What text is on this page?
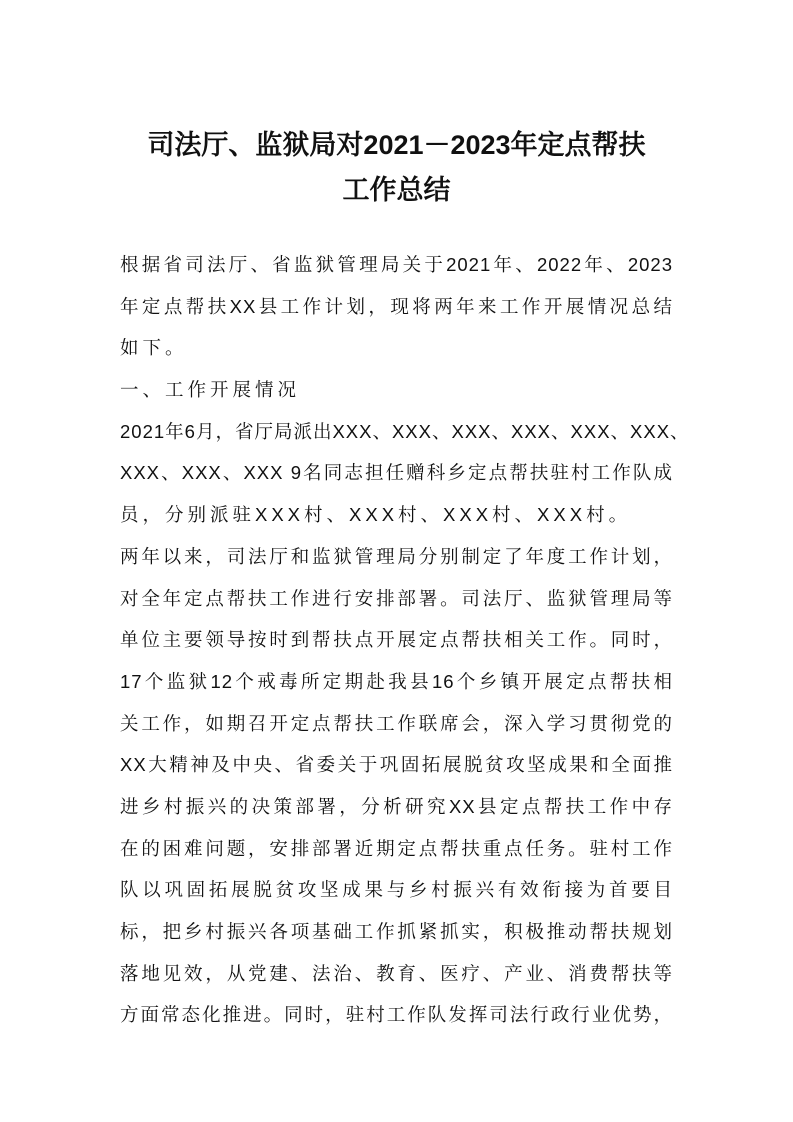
司法厅、监狱局对2021－2023年定点帮扶
工作总结
根据省司法厅、省监狱管理局关于2021年、2022年、2023
年定点帮扶XX县工作计划，现将两年来工作开展情况总结
如下。
一、工作开展情况
2021年6月，省厅局派出XXX、XXX、XXX、XXX、XXX、XXX、
XXX、XXX、XXX 9名同志担任赠科乡定点帮扶驻村工作队成
员，分别派驻XXX村、XXX村、XXX村、XXX村。
两年以来，司法厅和监狱管理局分别制定了年度工作计划，
对全年定点帮扶工作进行安排部署。司法厅、监狱管理局等
单位主要领导按时到帮扶点开展定点帮扶相关工作。同时，
17个监狱12个戒毒所定期赴我县16个乡镇开展定点帮扶相
关工作，如期召开定点帮扶工作联席会，深入学习贯彻党的
XX大精神及中央、省委关于巩固拓展脱贫攻坚成果和全面推
进乡村振兴的决策部署，分析研究XX县定点帮扶工作中存
在的困难问题，安排部署近期定点帮扶重点任务。驻村工作
队以巩固拓展脱贫攻坚成果与乡村振兴有效衔接为首要目
标，把乡村振兴各项基础工作抓紧抓实，积极推动帮扶规划
落地见效，从党建、法治、教育、医疗、产业、消费帮扶等
方面常态化推进。同时，驻村工作队发挥司法行政行业优势，
